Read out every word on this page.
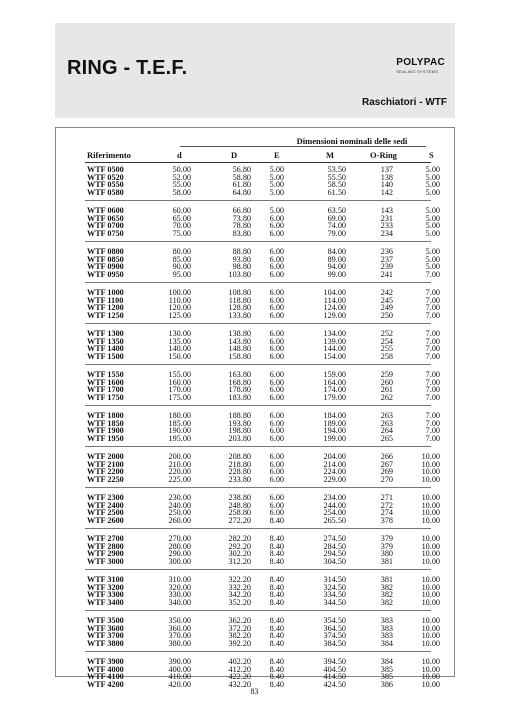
RING - T.E.F.	POLYPAC
SEALING SYSTEMS
Raschiatori - WTF
Dimensioni nominali delle sedi
Riferimento	d	D	E	M	O-Ring	S
WTF 0500	50.00	56.80	5.00	53.50	137	5.00
WTF 0520	52.00	58.80	5.00	55.50	138	5.00
WTF 0550	55.00	61.80	5.00	58.50	140	5.00
WTF 0580	58.00	64.80	5.00	61.50	142	5.00
WTF 0600	60.00	66.80	5.00	63.50	143	5.00
WTF 0650	65.00	73.80	6.00	69.00	231	5.00
WTF 0700	70.00	78.80	6.00	74.00	233	5.00
WTF 0750	75.00	83.80	6.00	79.00	234	5.00
WTF 0800	80.00	88.80	6.00	84.00	236	5.00
WTF 0850	85.00	93.80	6.00	89.00	237	5.00
WTF 0900	90.00	98.80	6.00	94.00	239	5.00
WTF 0950	95.00	103.80	6.00	99.00	241	7.00
WTF 1000	100.00	108.80	6.00	104.00	242	7.00
WTF 1100	110.00	118.80	6.00	114.00	245	7.00
WTF 1200	120.00	128.80	6.00	124.00	249	7.00
WTF 1250	125.00	133.80	6.00	129.00	250	7.00
WTF 1300	130.00	138.80	6.00	134.00	252	7.00
WTF 1350	135.00	143.80	6.00	139.00	254	7.00
WTF 1400	140.00	148.80	6.00	144.00	255	7.00
WTF 1500	150.00	158.80	6.00	154.00	258	7.00
WTF 1550	155.00	163.80	6.00	159.00	259	7.00
WTF 1600	160.00	168.80	6.00	164.00	260	7.00
WTF 1700	170.00	178.80	6.00	174.00	261	7.00
WTF 1750	175.00	183.80	6.00	179.00	262	7.00
WTF 1800	180.00	188.80	6.00	184.00	263	7.00
WTF 1850	185.00	193.80	6.00	189.00	263	7.00
WTF 1900	190.00	198.80	6.00	194.00	264	7.00
WTF 1950	195.00	203.80	6.00	199.00	265	7.00
WTF 2000	200.00	208.80	6.00	204.00	266	10.00
WTF 2100	210.00	218.80	6.00	214.00	267	10.00
WTF 2200	220.00	228.80	6.00	224.00	269	10.00
WTF 2250	225.00	233.80	6.00	229.00	270	10.00
WTF 2300	230.00	238.80	6.00	234.00	271	10.00
WTF 2400	240.00	248.80	6.00	244.00	272	10.00
WTF 2500	250.00	258.80	6.00	254.00	274	10.00
WTF 2600	260.00	272.20	8.40	265.50	378	10.00
WTF 2700	270.00	282.20	8.40	274.50	379	10.00
WTF 2800	280.00	292.20	8.40	284.50	379	10.00
WTF 2900	290.00	302.20	8.40	294.50	380	10.00
WTF 3000	300.00	312.20	8.40	304.50	381	10.00
WTF 3100	310.00	322.20	8.40	314.50	381	10.00
WTF 3200	320.00	332.20	8.40	324.50	382	10.00
WTF 3300	330.00	342.20	8.40	334.50	382	10.00
WTF 3400	340.00	352.20	8.40	344.50	382	10.00
WTF 3500	350.00	362.20	8.40	354.50	383	10.00
WTF 3600	360.00	372.20	8.40	364.50	383	10.00
WTF 3700	370.00	382.20	8.40	374.50	383	10.00
WTF 3800	380.00	392.20	8.40	384.50	384	10.00
WTF 3900	390.00	402.20	8.40	394.50	384	10.00
WTF 4000	400.00	412.20	8.40	404.50	385	10.00
WTF 4100	410.00	422.20	8.40	414.50	385	10.00
WTF 4200	420.00	432.20	8.40	424.50	386	10.00
83
